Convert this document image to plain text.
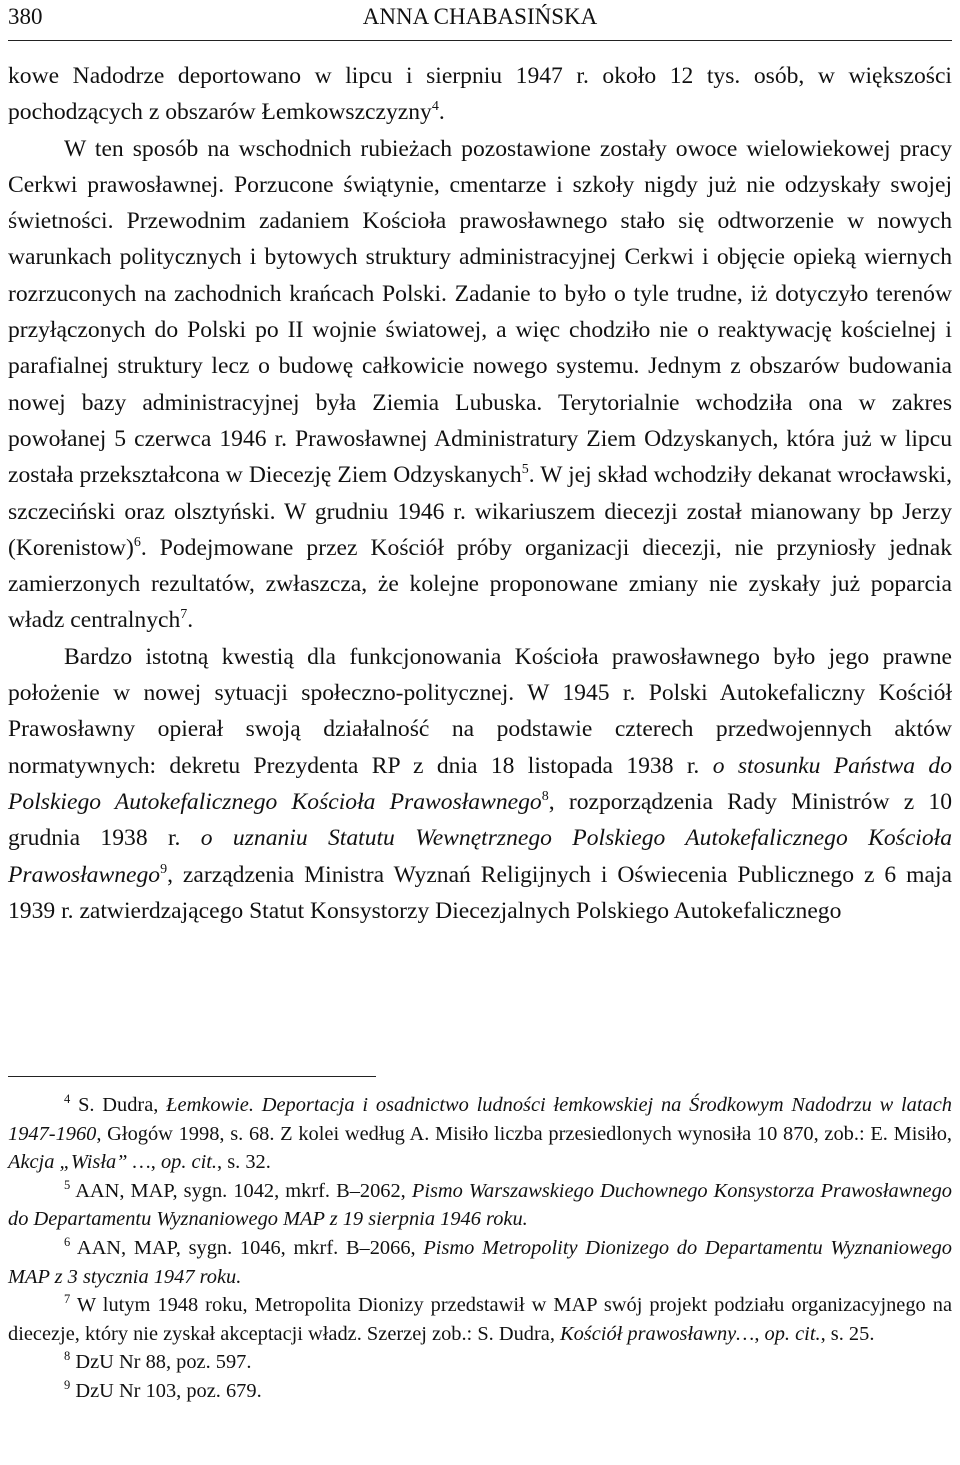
380	ANNA CHABASIŃSKA

kowe Nadodrze deportowano w lipcu i sierpniu 1947 r. około 12 tys. osób, w większości pochodzących z obszarów Łemkowszczyzny$^4$.

W ten sposób na wschodnich rubieżach pozostawione zostały owoce wielowiekowej pracy Cerkwi prawosławnej. Porzucone świątynie, cmentarze i szkoły nigdy już nie odzyskały swojej świetności. Przewodnim zadaniem Kościoła prawosławnego stało się odtworzenie w nowych warunkach politycznych i bytowych struktury administracyjnej Cerkwi i objęcie opieką wiernych rozrzuconych na zachodnich krańcach Polski. Zadanie to było o tyle trudne, iż dotyczyło terenów przyłączonych do Polski po II wojnie światowej, a więc chodziło nie o reaktywację kościelnej i parafialnej struktury lecz o budowę całkowicie nowego systemu. Jednym z obszarów budowania nowej bazy administracyjnej była Ziemia Lubuska. Terytorialnie wchodziła ona w zakres powołanej 5 czerwca 1946 r. Prawosławnej Administratury Ziem Odzyskanych, która już w lipcu została przekształcona w Diecezję Ziem Odzyskanych$^5$. W jej skład wchodziły dekanat wrocławski, szczeciński oraz olsztyński. W grudniu 1946 r. wikariuszem diecezji został mianowany bp Jerzy (Korenistow)$^6$. Podejmowane przez Kościół próby organizacji diecezji, nie przyniosły jednak zamierzonych rezultatów, zwłaszcza, że kolejne proponowane zmiany nie zyskały już poparcia władz centralnych$^7$.

Bardzo istotną kwestią dla funkcjonowania Kościoła prawosławnego było jego prawne położenie w nowej sytuacji społeczno-politycznej. W 1945 r. Polski Autokefaliczny Kościół Prawosławny opierał swoją działalność na podstawie czterech przedwojennych aktów normatywnych: dekretu Prezydenta RP z dnia 18 listopada 1938 r. o stosunku Państwa do Polskiego Autokefalicznego Kościoła Prawosławnego$^8$, rozporządzenia Rady Ministrów z 10 grudnia 1938 r. o uznaniu Statutu Wewnętrznego Polskiego Autokefalicznego Kościoła Prawosławnego$^9$, zarządzenia Ministra Wyznań Religijnych i Oświecenia Publicznego z 6 maja 1939 r. zatwierdzającego Statut Konsystorzy Diecezjalnych Polskiego Autokefalicznego

$^4$ S. Dudra, Łemkowie. Deportacja i osadnictwo ludności łemkowskiej na Środkowym Nadodrzu w latach 1947-1960, Głogów 1998, s. 68. Z kolei według A. Misiło liczba przesiedlonych wynosiła 10 870, zob.: E. Misiło, Akcja „Wisła” …, op. cit., s. 32.

$^5$ AAN, MAP, sygn. 1042, mkrf. B–2062, Pismo Warszawskiego Duchownego Konsystorza Prawosławnego do Departamentu Wyznaniowego MAP z 19 sierpnia 1946 roku.

$^6$ AAN, MAP, sygn. 1046, mkrf. B–2066, Pismo Metropolity Dionizego do Departamentu Wyznaniowego MAP z 3 stycznia 1947 roku.

$^7$ W lutym 1948 roku, Metropolita Dionizy przedstawił w MAP swój projekt podziału organizacyjnego na diecezje, który nie zyskał akceptacji władz. Szerzej zob.: S. Dudra, Kościół prawosławny…, op. cit., s. 25.

$^8$ DzU Nr 88, poz. 597.

$^9$ DzU Nr 103, poz. 679.
